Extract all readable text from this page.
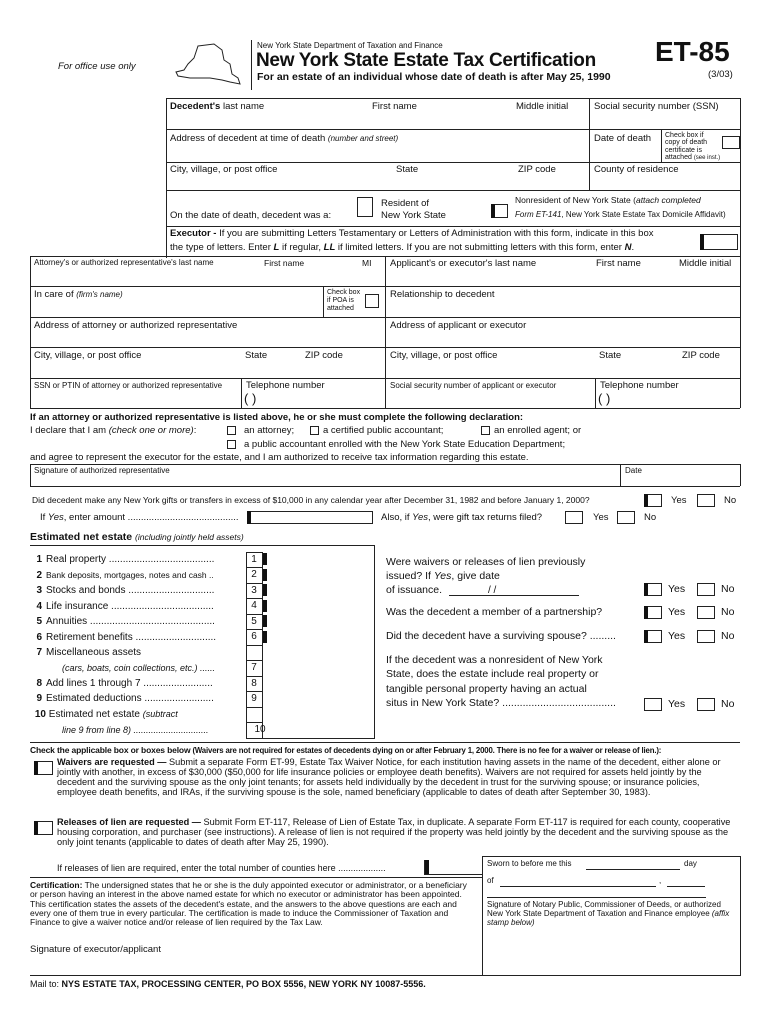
For office use only
New York State Department of Taxation and Finance
New York State Estate Tax Certification
For an estate of an individual whose date of death is after May 25, 1990
ET-85
(3/03)
Decedent's last name	First name	Middle initial	Social security number (SSN)
Address of decedent at time of death (number and street)	Date of death Check box if
copy of death
certificate is
attached (see inst.)
City, village, or post office	State	ZIP code	County of residence
On the date of death, decedent was a:
Resident of
New York State
Nonresident of New York State (attach completed
Form ET-141, New York State Estate Tax Domicile Affidavit)
Executor - If you are submitting Letters Testamentary or Letters of Administration with this form, indicate in this box
the type of letters. Enter L if regular, LL if limited letters. If you are not submitting letters with this form, enter N.
Attorney's or authorized representative's last name	First name	MI Applicant's or executor's last name	First name	Middle initial
In care of (firm's name)	Check box
if POA is
attached
Relationship to decedent
Address of attorney or authorized representative	Address of applicant or executor
City, village, or post office	State	ZIP code	City, village, or post office	State	ZIP code
SSN or PTIN of attorney or authorized representative	Telephone number
( )
Social security number of applicant or executor	Telephone number
( )
If an attorney or authorized representative is listed above, he or she must complete the following declaration:
I declare that I am (check one or more):	an attorney;	a certified public accountant;	an enrolled agent; or
a public accountant enrolled with the New York State Education Department;
and agree to represent the executor for the estate, and I am authorized to receive tax information regarding this estate.
Signature of authorized representative	Date
Did decedent make any New York gifts or transfers in excess of $10,000 in any calendar year after December 31, 1982 and before January 1, 2000?	Yes	No
If Yes, enter amount ..........................................	Also, if Yes, were gift tax returns filed?	Yes	No
Estimated net estate (including jointly held assets)
1 Real property ......................................
2 Bank deposits, mortgages, notes and cash ..
3 Stocks and bonds ...............................
4 Life insurance .....................................
5 Annuities .............................................
6 Retirement benefits .............................
7 Miscellaneous assets
(cars, boats, coin collections, etc.) ......
8 Add lines 1 through 7 .........................
9 Estimated deductions .........................
10 Estimated net estate (subtract
line 9 from line 8) ..............................
1
2
3
4
5
6
7
8
9
10
Were waivers or releases of lien previously
issued? If Yes, give date
of issuance.	/ /	Yes	No
Was the decedent a member of a partnership?	Yes	No
Did the decedent have a surviving spouse? .........	Yes	No
If the decedent was a nonresident of New York
State, does the estate include real property or
tangible personal property having an actual
situs in New York State? .......................................	Yes	No
Check the applicable box or boxes below (Waivers are not required for estates of decedents dying on or after February 1, 2000. There is no fee for a waiver or release of lien.):
Waivers are requested — Submit a separate Form ET-99, Estate Tax Waiver Notice, for each institution having assets in the name of the decedent, either alone or jointly with another, in excess of $30,000 ($50,000 for life insurance policies or employee death benefits). Waivers are not required for assets held jointly by the decedent and the surviving spouse as the only joint tenants; for assets held individually by the decedent in trust for the surviving spouse; or insurance policies, employee death benefits, and IRAs, if the surviving spouse is the sole, named beneficiary (applicable to dates of death after September 30, 1983).
Releases of lien are requested — Submit Form ET-117, Release of Lien of Estate Tax, in duplicate. A separate Form ET-117 is required for each county, cooperative housing corporation, and purchaser (see instructions). A release of lien is not required if the property was held jointly by the decedent and the surviving spouse as the only joint tenants (applicable to dates of death after May 25, 1990).
If releases of lien are required, enter the total number of counties here ...................
Certification: The undersigned states that he or she is the duly appointed executor or administrator, or a beneficiary or person having an interest in the above named estate for which no executor or administrator has been appointed. This certification states the assets of the decedent's estate, and the answers to the above questions are each and every one of them true in every particular. The certification is made to induce the Commissioner of Taxation and Finance to give a waiver notice and/or release of lien required by the Tax Law.
Signature of executor/applicant
Sworn to before me this	day
of	,
Signature of Notary Public, Commissioner of Deeds, or authorized New York State Department of Taxation and Finance employee (affix stamp below)
Mail to: NYS ESTATE TAX, PROCESSING CENTER, PO BOX 5556, NEW YORK NY 10087-5556.
